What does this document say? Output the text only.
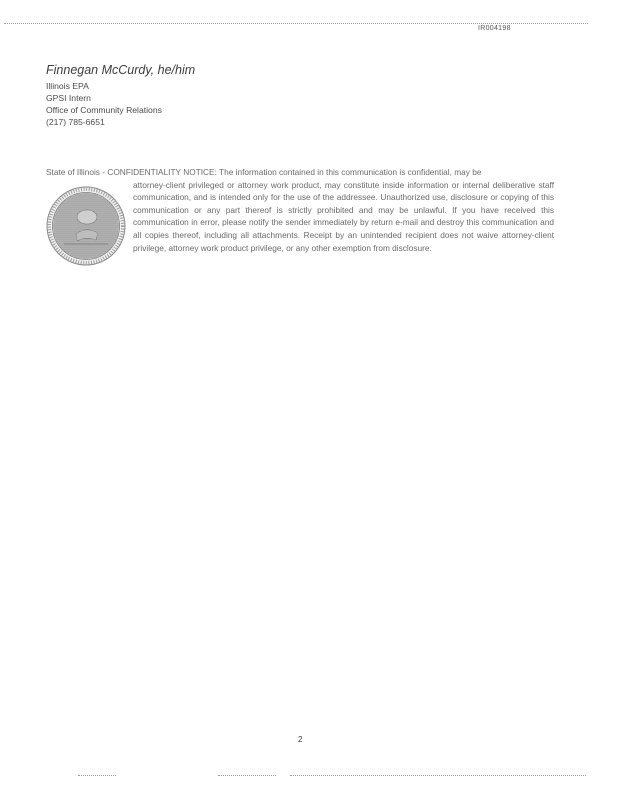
IR004198
Finnegan McCurdy, he/him
Illinois EPA
GPSI Intern
Office of Community Relations
(217) 785-6651
State of Illinois - CONFIDENTIALITY NOTICE: The information contained in this communication is confidential, may be
attorney-client privileged or attorney work product, may constitute inside information or internal deliberative staff communication, and is intended only for the use of the addressee. Unauthorized use, disclosure or copying of this communication or any part thereof is strictly prohibited and may be unlawful. If you have received this communication in error, please notify the sender immediately by return e-mail and destroy this communication and all copies thereof, including all attachments. Receipt by an unintended recipient does not waive attorney-client privilege, attorney work product privilege, or any other exemption from disclosure.
2
